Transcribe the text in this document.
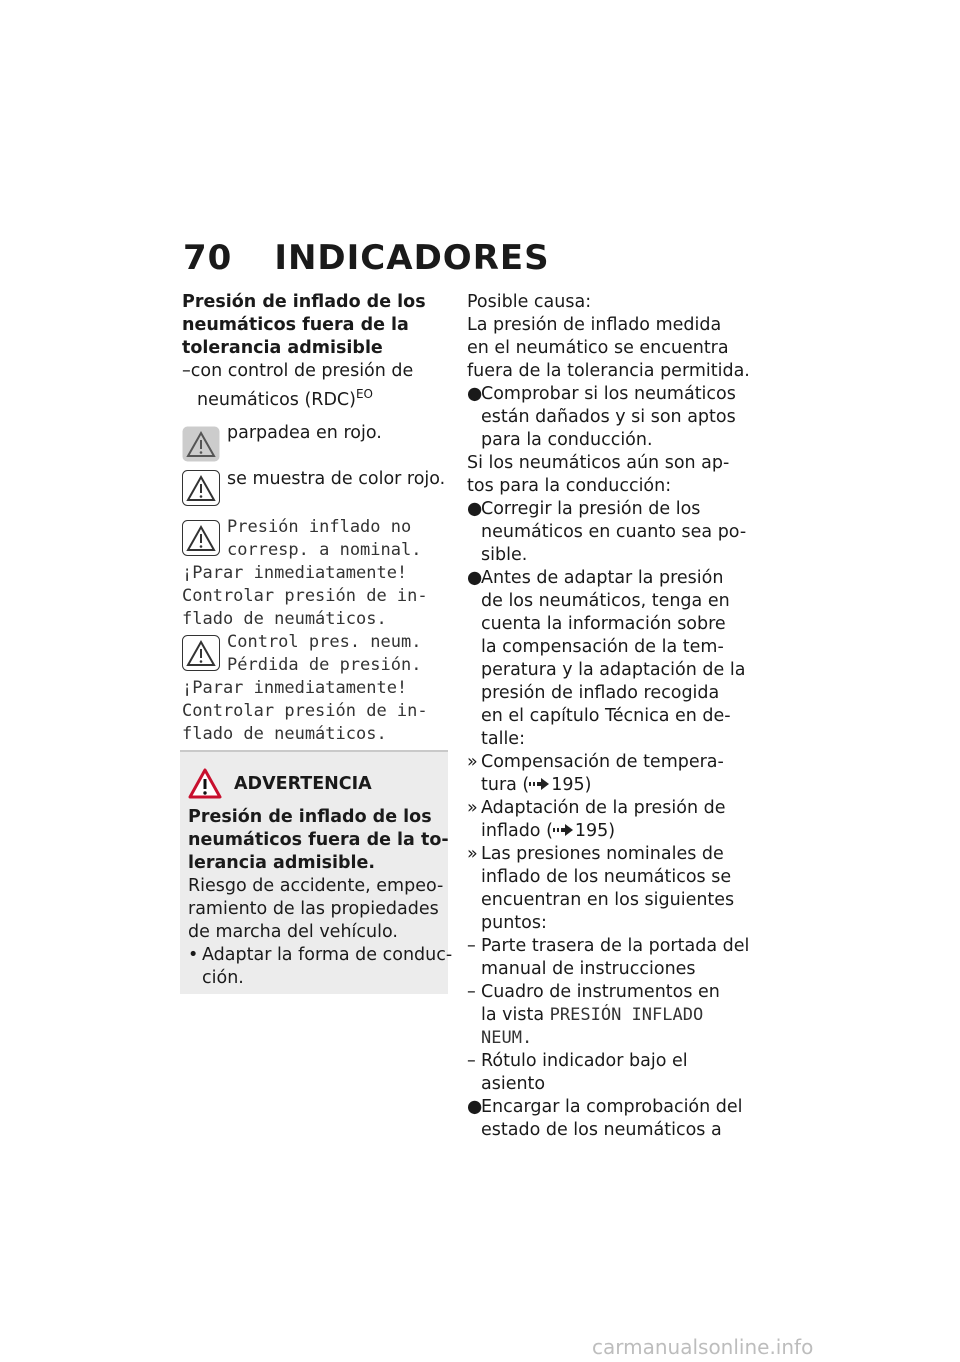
70 INDICADORES
Presión de inflado de los
neumáticos fuera de la
tolerancia admisible
–con control de presión de
neumáticos (RDC)$^{EO}$
parpadea en rojo.
se muestra de color rojo.
Presión inflado no
corresp. a nominal.
¡Parar inmediatamente!
Controlar presión de in-
flado de neumáticos.
Control pres. neum.
Pérdida de presión.
¡Parar inmediatamente!
Controlar presión de in-
flado de neumáticos.
ADVERTENCIA
Presión de inflado de los
neumáticos fuera de la to-
lerancia admisible.
Riesgo de accidente, empeo-
ramiento de las propiedades
de marcha del vehículo.
• Adaptar la forma de conduc-
ción.
Posible causa:
La presión de inflado medida
en el neumático se encuentra
fuera de la tolerancia permitida.
●
Comprobar si los neumáticos
están dañados y si son aptos
para la conducción.
Si los neumáticos aún son ap-
tos para la conducción:
●
Corregir la presión de los
neumáticos en cuanto sea po-
sible.
●
Antes de adaptar la presión
de los neumáticos, tenga en
cuenta la información sobre
la compensación de la tem-
peratura y la adaptación de la
presión de inflado recogida
en el capítulo Técnica en de-
talle:
» Compensación de tempera-
tura ( 195)
» Adaptación de la presión de
inflado ( 195)
» Las presiones nominales de
inflado de los neumáticos se
encuentran en los siguientes
puntos:
– Parte trasera de la portada del
manual de instrucciones
– Cuadro de instrumentos en
la vista PRESIÓN INFLADO
NEUM.
– Rótulo indicador bajo el
asiento
●
Encargar la comprobación del
estado de los neumáticos a
carmanualsonline.info
